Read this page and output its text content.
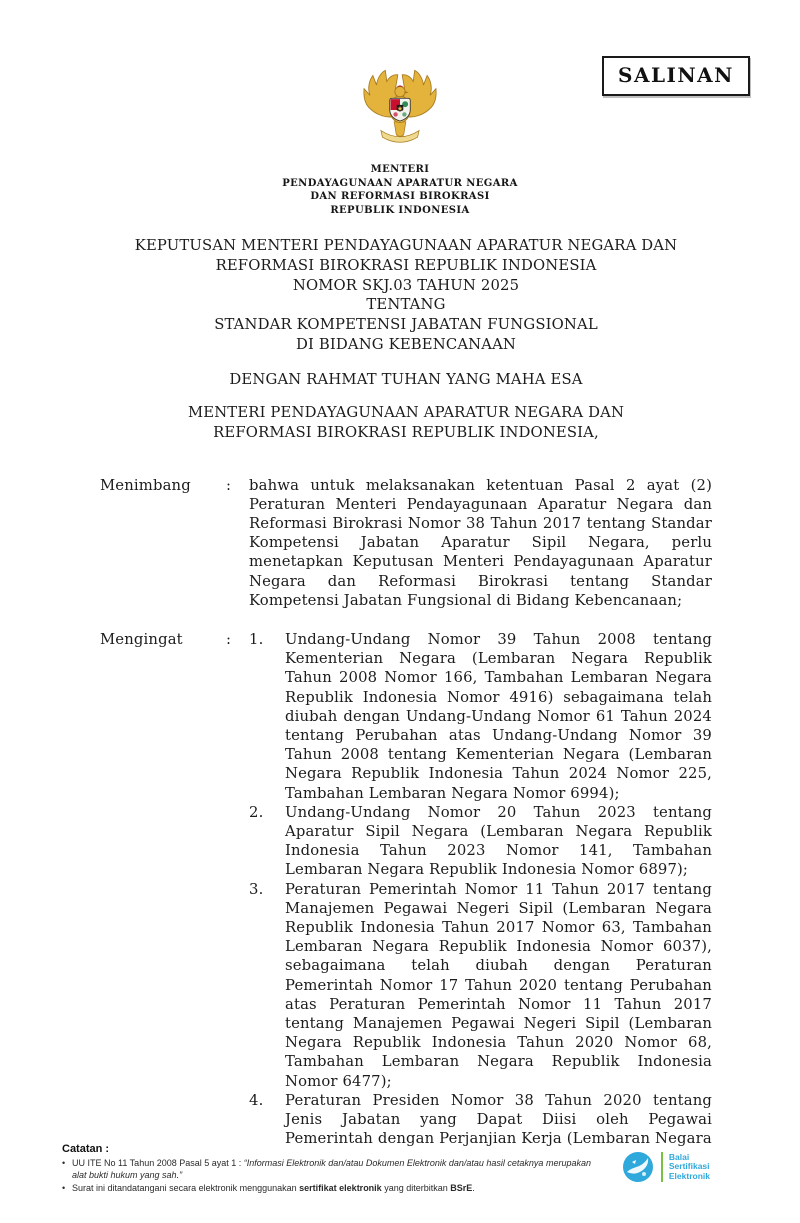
SALINAN
MENTERI
PENDAYAGUNAAN APARATUR NEGARA
DAN REFORMASI BIROKRASI
REPUBLIK INDONESIA
KEPUTUSAN MENTERI PENDAYAGUNAAN APARATUR NEGARA DAN
REFORMASI BIROKRASI REPUBLIK INDONESIA
NOMOR SKJ.03 TAHUN 2025
TENTANG
STANDAR KOMPETENSI JABATAN FUNGSIONAL
DI BIDANG KEBENCANAAN
DENGAN RAHMAT TUHAN YANG MAHA ESA
MENTERI PENDAYAGUNAAN APARATUR NEGARA DAN
REFORMASI BIROKRASI REPUBLIK INDONESIA,
Menimbang	:	bahwa untuk melaksanakan ketentuan Pasal 2 ayat (2) Peraturan Menteri Pendayagunaan Aparatur Negara dan Reformasi Birokrasi Nomor 38 Tahun 2017 tentang Standar Kompetensi Jabatan Aparatur Sipil Negara, perlu menetapkan Keputusan Menteri Pendayagunaan Aparatur Negara dan Reformasi Birokrasi tentang Standar Kompetensi Jabatan Fungsional di Bidang Kebencanaan;
Mengingat	:	1.	Undang-Undang Nomor 39 Tahun 2008 tentang Kementerian Negara (Lembaran Negara Republik Tahun 2008 Nomor 166, Tambahan Lembaran Negara Republik Indonesia Nomor 4916) sebagaimana telah diubah dengan Undang-Undang Nomor 61 Tahun 2024 tentang Perubahan atas Undang-Undang Nomor 39 Tahun 2008 tentang Kementerian Negara (Lembaran Negara Republik Indonesia Tahun 2024 Nomor 225, Tambahan Lembaran Negara Nomor 6994);
2.	Undang-Undang Nomor 20 Tahun 2023 tentang Aparatur Sipil Negara (Lembaran Negara Republik Indonesia Tahun 2023 Nomor 141, Tambahan Lembaran Negara Republik Indonesia Nomor 6897);
3.	Peraturan Pemerintah Nomor 11 Tahun 2017 tentang Manajemen Pegawai Negeri Sipil (Lembaran Negara Republik Indonesia Tahun 2017 Nomor 63, Tambahan Lembaran Negara Republik Indonesia Nomor 6037), sebagaimana telah diubah dengan Peraturan Pemerintah Nomor 17 Tahun 2020 tentang Perubahan atas Peraturan Pemerintah Nomor 11 Tahun 2017 tentang Manajemen Pegawai Negeri Sipil (Lembaran Negara Republik Indonesia Tahun 2020 Nomor 68, Tambahan Lembaran Negara Republik Indonesia Nomor 6477);
4.	Peraturan Presiden Nomor 38 Tahun 2020 tentang Jenis Jabatan yang Dapat Diisi oleh Pegawai Pemerintah dengan Perjanjian Kerja (Lembaran Negara
Catatan :
• UU ITE No 11 Tahun 2008 Pasal 5 ayat 1 : “Informasi Elektronik dan/atau Dokumen Elektronik dan/atau hasil cetaknya merupakan alat bukti hukum yang sah.”
• Surat ini ditandatangani secara elektronik menggunakan sertifikat elektronik yang diterbitkan BSrE.
Balai
Sertifikasi
Elektronik
